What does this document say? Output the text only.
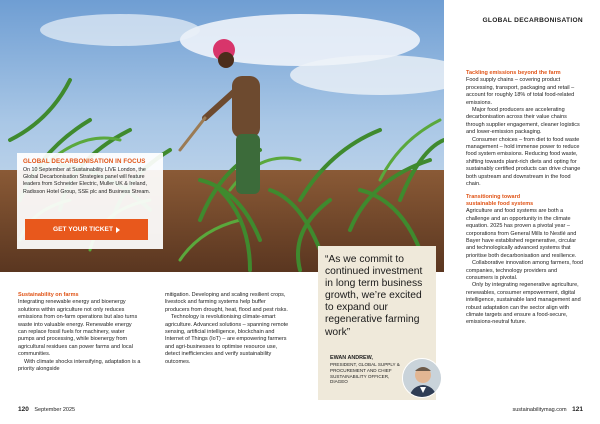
GLOBAL DECARBONISATION IN FOCUS
On 10 September at Sustainability LIVE London, the Global Decarbonisation Strategies panel will feature leaders from Schneider Electric, Muller UK & Ireland, Radisson Hotel Group, SSE plc and Business Stream.
GET YOUR TICKET
GLOBAL DECARBONISATION

Tackling emissions beyond the farm

Food supply chains – covering product processing, transport, packaging and retail – account for roughly 18% of total food-related emissions.

Major food producers are accelerating decarbonisation across their value chains through supplier engagement, cleaner logistics and lower-emission packaging.

Consumer choices – from diet to food waste management – hold immense power to reduce food system emissions. Reducing food waste, shifting towards plant-rich diets and opting for sustainably certified products can drive change both upstream and downstream in the food chain.

Transitioning toward

sustainable food systems

Agriculture and food systems are both a challenge and an opportunity in the climate equation. 2025 has proven a pivotal year – corporations from General Mills to Nestlé and Bayer have established regenerative, circular and technologically advanced systems that prioritise both decarbonisation and resilience.

Collaborative innovation among farmers, food companies, technology providers and consumers is pivotal.

Only by integrating regenerative agriculture, renewables, consumer empowerment, digital intelligence, sustainable land management and robust adaptation can the sector align with climate targets and ensure a food-secure, emissions-neutral future.

Sustainability on farms

Integrating renewable energy and bioenergy solutions within agriculture not only reduces emissions from on-farm operations but also turns waste into valuable energy. Renewable energy can replace fossil fuels for machinery, water pumps and processing, while bioenergy from agricultural residues can power farms and local communities.

With climate shocks intensifying, adaptation is a priority alongside

mitigation. Developing and scaling resilient crops, livestock and farming systems help buffer producers from drought, heat, flood and pest risks.

Technology is revolutionising climate-smart agriculture. Advanced solutions – spanning remote sensing, artificial intelligence, blockchain and Internet of Things (IoT) – are empowering farmers and agri-businesses to optimise resource use, detect inefficiencies and verify sustainability outcomes.

“As we commit to continued investment in long term business growth, we’re excited to expand our regenerative farming work”
EWAN ANDREW,
PRESIDENT, GLOBAL SUPPLY & PROCUREMENT AND CHIEF SUSTAINABILITY OFFICER, DIAGEO
120 September 2025	sustainabilitymag.com 121
